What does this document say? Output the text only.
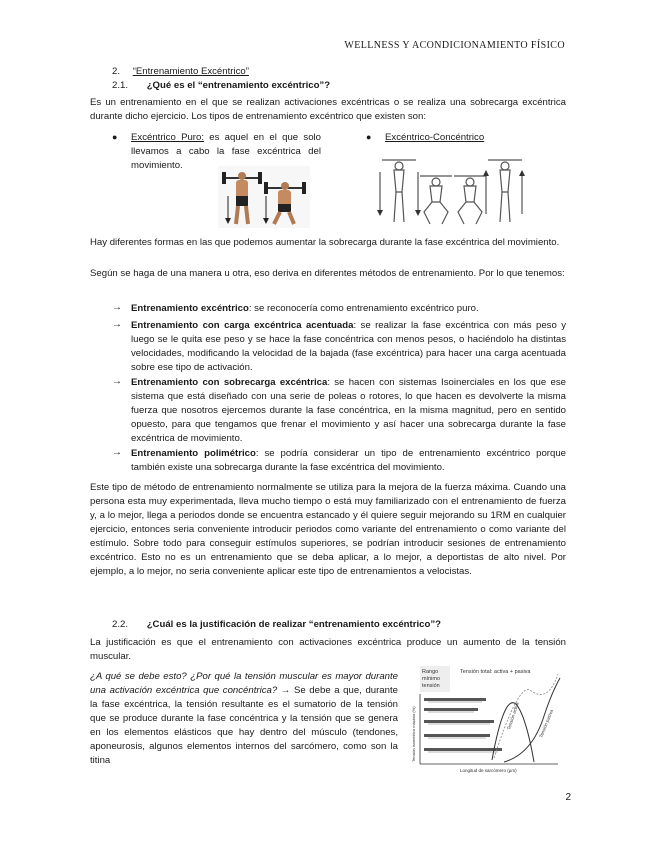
WELLNESS Y ACONDICIONAMIENTO FÍSICO
2. “Entrenamiento Excéntrico”
2.1. ¿Qué es el “entrenamiento excéntrico”?

Es un entrenamiento en el que se realizan activaciones excéntricas o se realiza una sobrecarga excéntrica durante dicho ejercicio. Los tipos de entrenamiento excéntrico que existen son:

● Excéntrico Puro: es aquel en el que solo llevamos a cabo la fase excéntrica del movimiento.

● Excéntrico-Concéntrico

Hay diferentes formas en las que podemos aumentar la sobrecarga durante la fase excéntrica del movimiento.

Según se haga de una manera u otra, eso deriva en diferentes métodos de entrenamiento. Por lo que tenemos:

→ Entrenamiento excéntrico: se reconocería como entrenamiento excéntrico puro.

→ Entrenamiento con carga excéntrica acentuada: se realizar la fase excéntrica con más peso y luego se le quita ese peso y se hace la fase concéntrica con menos pesos, o haciéndolo ha distintas velocidades, modificando la velocidad de la bajada (fase excéntrica) para hacer una carga acentuada sobre ese tipo de activación.

→ Entrenamiento con sobrecarga excéntrica: se hacen con sistemas Isoinerciales en los que ese sistema que está diseñado con una serie de poleas o rotores, lo que hacen es devolverte la misma fuerza que nosotros ejercemos durante la fase concéntrica, en la misma magnitud, pero en sentido opuesto, para que tengamos que frenar el movimiento y así hacer una sobrecarga durante la fase excéntrica de movimiento.

→ Entrenamiento polimétrico: se podría considerar un tipo de entrenamiento excéntrico porque también existe una sobrecarga durante la fase excéntrica del movimiento.

Este tipo de método de entrenamiento normalmente se utiliza para la mejora de la fuerza máxima. Cuando una persona esta muy experimentada, lleva mucho tiempo o está muy familiarizado con el entrenamiento de fuerza y, a lo mejor, llega a periodos donde se encuentra estancado y él quiere seguir mejorando su 1RM en cualquier ejercicio, entonces seria conveniente introducir periodos como variante del entrenamiento o como variante del estímulo. Sobre todo para conseguir estímulos superiores, se podrían introducir sesiones de entrenamiento excéntrico. Esto no es un entrenamiento que se deba aplicar, a lo mejor, a deportistas de alto nivel. Por ejemplo, a lo mejor, no seria conveniente aplicar este tipo de entrenamientos a velocistas.

2.2. ¿Cuál es la justificación de realizar “entrenamiento excéntrico”?

La justificación es que el entrenamiento con activaciones excéntrica produce un aumento de la tensión muscular.

¿A qué se debe esto? ¿Por qué la tensión muscular es mayor durante una activación excéntrica que concéntrica? → Se debe a que, durante la fase excéntrica, la tensión resultante es el sumatorio de la tensión que se produce durante la fase concéntrica y la tensión que se genera en los elementos elásticos que hay dentro del músculo (tendones, aponeurosis, algunos elementos internos del sarcómero, como son la titina

Rango
mínimo
tensión
Tensión total: activa + pasiva
Tensión isométrica máxima (%)
Longitud de sarcómero (µm)
Tensión activa	Tensión pasiva
2
